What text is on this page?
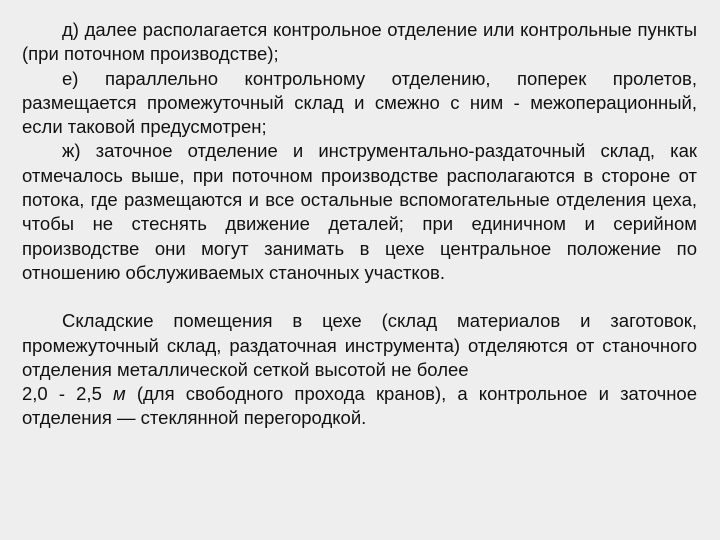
д) далее располагается контрольное отделение или контрольные пункты (при поточном производстве);

е) параллельно контрольному отделению, поперек пролетов, размещается промежуточный склад и смежно с ним - межоперационный, если таковой предусмотрен;

ж) заточное отделение и инструментально-раздаточный склад, как отмечалось выше, при поточном производстве располагаются в стороне от потока, где размещаются и все остальные вспомогательные отделения цеха, чтобы не стеснять движение деталей; при единичном и серийном производстве они могут занимать в цехе центральное положение по отношению обслуживаемых станочных участков.

Складские помещения в цехе (склад материалов и заготовок, промежуточный склад, раздаточная инструмента) отделяются от станочного отделения металлической сеткой высотой не более
2,0 - 2,5 м (для свободного прохода кранов), а контрольное и заточное отделения — стеклянной перегородкой.
